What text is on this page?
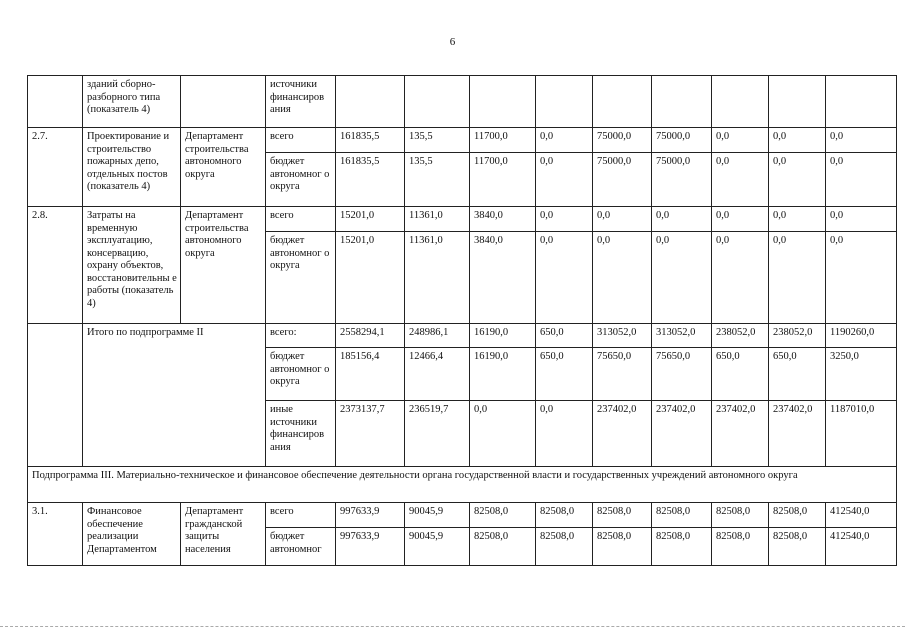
6
	зданий сборно-разборного типа (показатель 4)		источники финансиров ания									
2.7.	Проектирование и строительство пожарных депо, отдельных постов (показатель 4)	Департамент строительства автономного округа	всего	161835,5	135,5	11700,0	0,0	75000,0	75000,0	0,0	0,0	0,0
			бюджет автономног о округа	161835,5	135,5	11700,0	0,0	75000,0	75000,0	0,0	0,0	0,0
2.8.	Затраты на временную эксплуатацию, консервацию, охрану объектов, восстановительны е работы (показатель 4)	Департамент строительства автономного округа	всего	15201,0	11361,0	3840,0	0,0	0,0	0,0	0,0	0,0	0,0
			бюджет автономног о округа	15201,0	11361,0	3840,0	0,0	0,0	0,0	0,0	0,0	0,0
	Итого по подпрограмме II		всего:	2558294,1	248986,1	16190,0	650,0	313052,0	313052,0	238052,0	238052,0	1190260,0
			бюджет автономног о округа	185156,4	12466,4	16190,0	650,0	75650,0	75650,0	650,0	650,0	3250,0
			иные источники финансиров ания	2373137,7	236519,7	0,0	0,0	237402,0	237402,0	237402,0	237402,0	1187010,0
Подпрограмма III. Материально-техническое и финансовое обеспечение деятельности органа государственной власти и государственных учреждений автономного округа												
3.1.	Финансовое обеспечение реализации Департаментом	Департамент гражданской защиты населения	всего	997633,9	90045,9	82508,0	82508,0	82508,0	82508,0	82508,0	82508,0	412540,0
			бюджет автономног	997633,9	90045,9	82508,0	82508,0	82508,0	82508,0	82508,0	82508,0	412540,0
